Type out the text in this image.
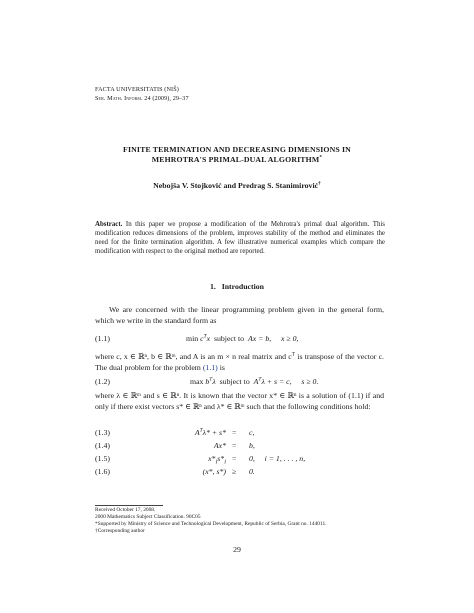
FACTA UNIVERSITATIS (NIŠ)
Ser. Math. Inform. 24 (2009), 29–37
FINITE TERMINATION AND DECREASING DIMENSIONS IN
MEHROTRA'S PRIMAL-DUAL ALGORITHM*
Nebojša V. Stojković and Predrag S. Stanimirović†
Abstract. In this paper we propose a modification of the Mehrotra's primal dual algorithm. This modification reduces dimensions of the problem, improves stability of the method and eliminates the need for the finite termination algorithm. A few illustrative numerical examples which compare the modification with respect to the original method are reported.
1. Introduction
We are concerned with the linear programming problem given in the general form, which we write in the standard form as
(1.1)	$\min c^Tx$  subject to  Ax = b,     x ≥ 0,
where c, x ∈ ℝⁿ, b ∈ ℝᵐ, and A is an m × n real matrix and $c^T$ is transpose of the vector c. The dual problem for the problem (1.1) is
(1.2)	$\max b^T\lambda$  subject to  $A^T\lambda + s = c$,     s ≥ 0.
where λ ∈ ℝᵐ and s ∈ ℝⁿ. It is known that the vector x* ∈ ℝⁿ is a solution of (1.1) if and only if there exist vectors s* ∈ ℝⁿ and λ* ∈ ℝᵐ such that the following conditions hold:
(1.3)	$A^T\lambda* + s* = c$,
(1.4)	Ax* = b,
(1.5)	$x*_is*_i = 0$,     i = 1, . . . , n,
(1.6)	(x*, s*) ≥ 0.
Received October 17, 2008.
2000 Mathematics Subject Classification. 90C05
*Supported by Ministry of Science and Technological Development, Republic of Serbia, Grant no. 144011.
†Corresponding author
29
